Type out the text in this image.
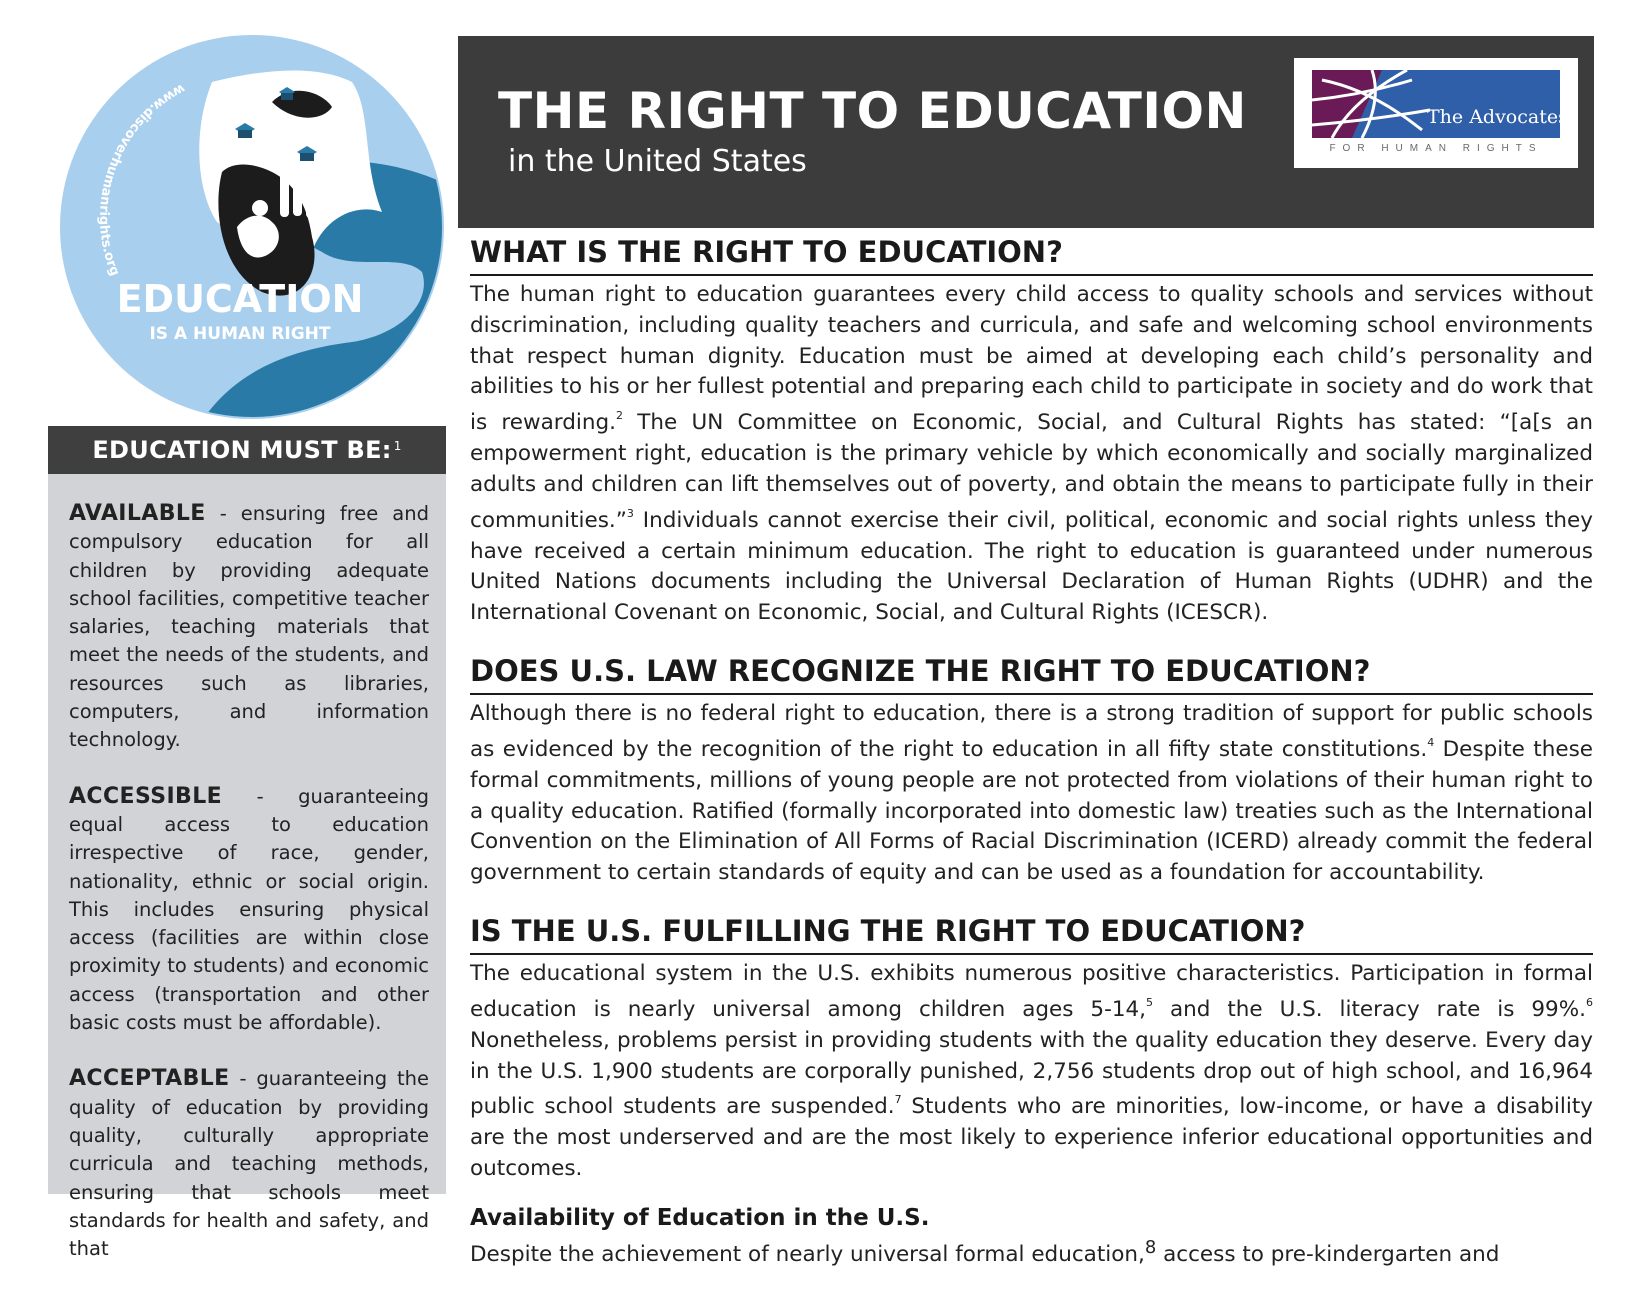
www.discoverhumanrights.org
EDUCATION
IS A HUMAN RIGHT
EDUCATION MUST BE:$^1$

AVAILABLE - ensuring free and compulsory education for all children by providing adequate school facilities, competitive teacher salaries, teaching materials that meet the needs of the students, and resources such as libraries, computers, and information technology.

ACCESSIBLE - guaranteeing equal access to education irrespective of race, gender, nationality, ethnic or social origin. This includes ensuring physical access (facilities are within close proximity to students) and economic access (transportation and other basic costs must be affordable).

ACCEPTABLE - guaranteeing the quality of education by providing quality, culturally appropriate curricula and teaching methods, ensuring that schools meet standards for health and safety, and that

THE RIGHT TO EDUCATION
in the United States
The Advocates
FOR HUMAN RIGHTS
WHAT IS THE RIGHT TO EDUCATION?

The human right to education guarantees every child access to quality schools and services without discrimination, including quality teachers and curricula, and safe and welcoming school environments that respect human dignity. Education must be aimed at developing each child’s personality and abilities to his or her fullest potential and preparing each child to participate in society and do work that is rewarding.$^2$ The UN Committee on Economic, Social, and Cultural Rights has stated: “[a[s an empowerment right, education is the primary vehicle by which economically and socially marginalized adults and children can lift themselves out of poverty, and obtain the means to participate fully in their communities.”$^3$ Individuals cannot exercise their civil, political, economic and social rights unless they have received a certain minimum education. The right to education is guaranteed under numerous United Nations documents including the Universal Declaration of Human Rights (UDHR) and the International Covenant on Economic, Social, and Cultural Rights (ICESCR).

DOES U.S. LAW RECOGNIZE THE RIGHT TO EDUCATION?

Although there is no federal right to education, there is a strong tradition of support for public schools as evidenced by the recognition of the right to education in all fifty state constitutions.$^4$ Despite these formal commitments, millions of young people are not protected from violations of their human right to a quality education. Ratified (formally incorporated into domestic law) treaties such as the International Convention on the Elimination of All Forms of Racial Discrimination (ICERD) already commit the federal government to certain standards of equity and can be used as a foundation for accountability.

IS THE U.S. FULFILLING THE RIGHT TO EDUCATION?

The educational system in the U.S. exhibits numerous positive characteristics. Participation in formal education is nearly universal among children ages 5-14,$^5$ and the U.S. literacy rate is 99%.$^6$ Nonetheless, problems persist in providing students with the quality education they deserve. Every day in the U.S. 1,900 students are corporally punished, 2,756 students drop out of high school, and 16,964 public school students are suspended.$^7$ Students who are minorities, low-income, or have a disability are the most underserved and are the most likely to experience inferior educational opportunities and outcomes.

Availability of Education in the U.S.

Despite the achievement of nearly universal formal education,$^8$ access to pre-kindergarten and
